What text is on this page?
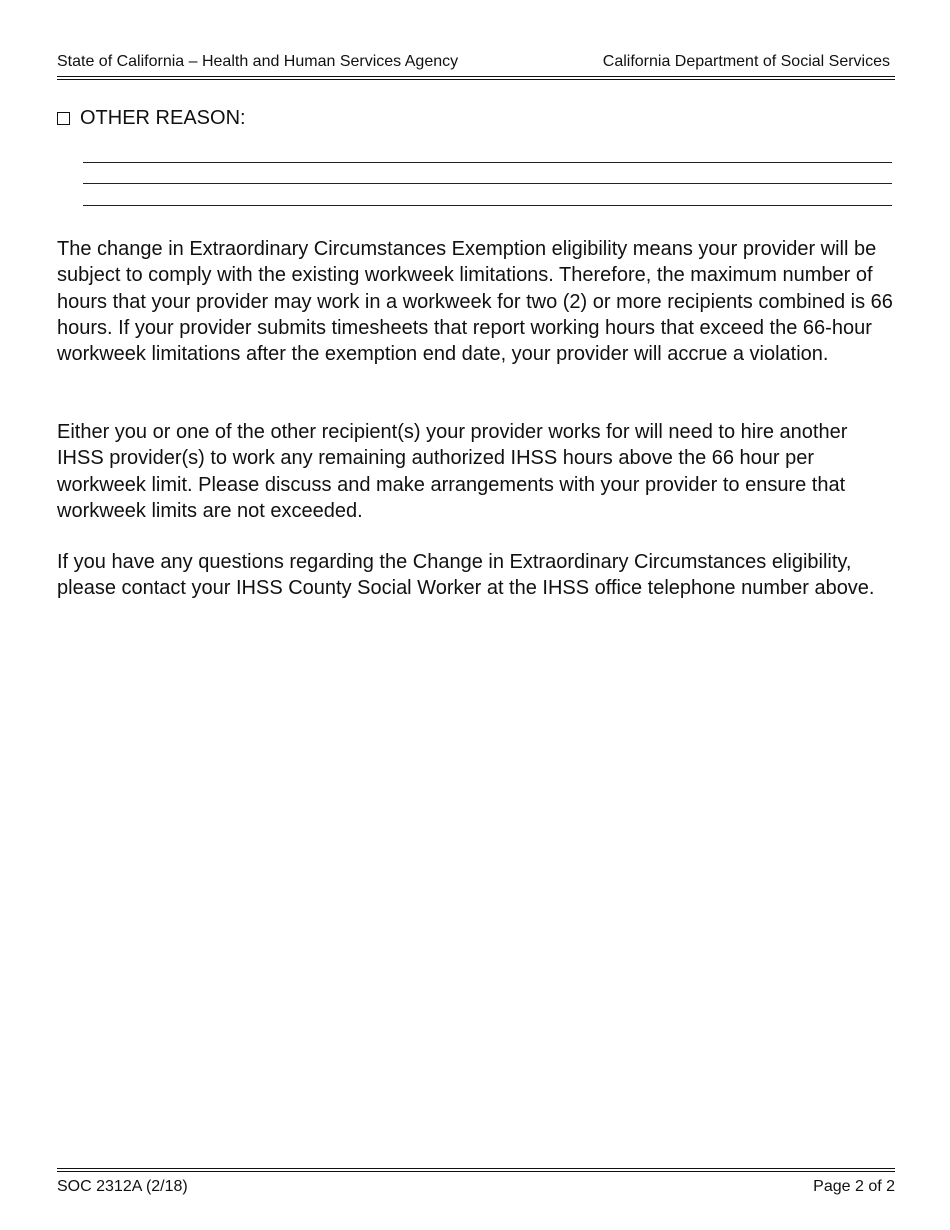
State of California – Health and Human Services Agency	California Department of Social Services
OTHER REASON:

The change in Extraordinary Circumstances Exemption eligibility means your provider will be subject to comply with the existing workweek limitations. Therefore, the maximum number of hours that your provider may work in a workweek for two (2) or more recipients combined is 66 hours. If your provider submits timesheets that report working hours that exceed the 66-hour workweek limitations after the exemption end date, your provider will accrue a violation.

Either you or one of the other recipient(s) your provider works for will need to hire another IHSS provider(s) to work any remaining authorized IHSS hours above the 66 hour per workweek limit. Please discuss and make arrangements with your provider to ensure that workweek limits are not exceeded.

If you have any questions regarding the Change in Extraordinary Circumstances eligibility, please contact your IHSS County Social Worker at the IHSS office telephone number above.

SOC 2312A (2/18)	Page 2 of 2
